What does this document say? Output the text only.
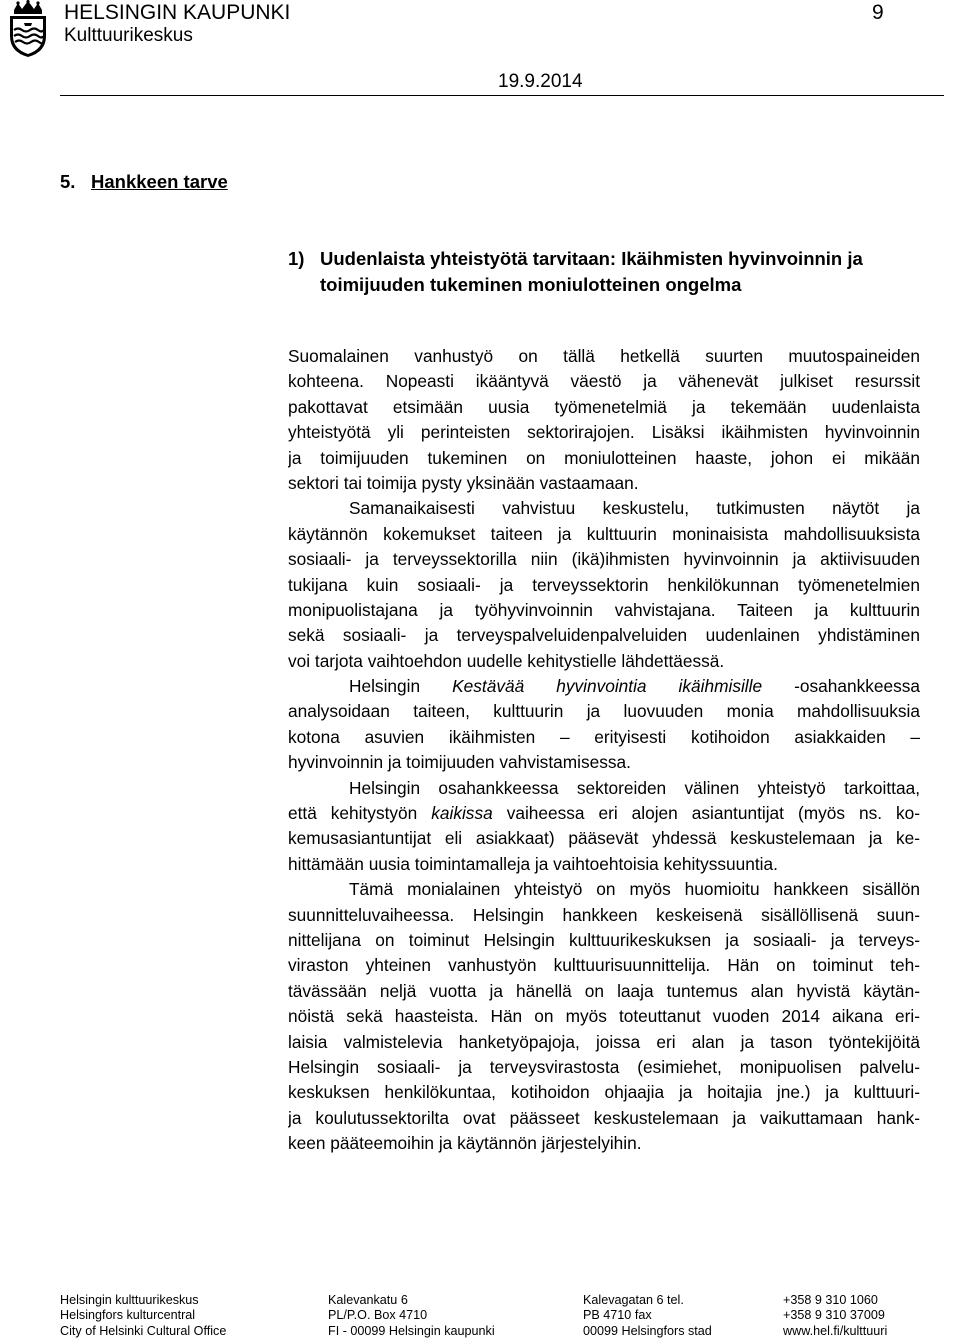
HELSINGIN KAUPUNKI
Kulttuurikeskus
9
19.9.2014
5. Hankkeen tarve
1) Uudenlaista yhteistyötä tarvitaan: Ikäihmisten hyvinvoinnin ja
toimijuuden tukeminen moniulotteinen ongelma
Suomalainen vanhustyö on tällä hetkellä suurten muutospaineiden
kohteena. Nopeasti ikääntyvä väestö ja vähenevät julkiset resurssit
pakottavat etsimään uusia työmenetelmiä ja tekemään uudenlaista
yhteistyötä yli perinteisten sektorirajojen. Lisäksi ikäihmisten hyvinvoinnin
ja toimijuuden tukeminen on moniulotteinen haaste, johon ei mikään
sektori tai toimija pysty yksinään vastaamaan.
Samanaikaisesti vahvistuu keskustelu, tutkimusten näytöt ja
käytännön kokemukset taiteen ja kulttuurin moninaisista mahdollisuuksista
sosiaali- ja terveyssektorilla niin (ikä)ihmisten hyvinvoinnin ja aktiivisuuden
tukijana kuin sosiaali- ja terveyssektorin henkilökunnan työmenetelmien
monipuolistajana ja työhyvinvoinnin vahvistajana. Taiteen ja kulttuurin
sekä sosiaali- ja terveyspalveluidenpalveluiden uudenlainen yhdistäminen
voi tarjota vaihtoehdon uudelle kehitystielle lähdettäessä.
Helsingin Kestävää hyvinvointia ikäihmisille -osahankkeessa
analysoidaan taiteen, kulttuurin ja luovuuden monia mahdollisuuksia
kotona asuvien ikäihmisten – erityisesti kotihoidon asiakkaiden –
hyvinvoinnin ja toimijuuden vahvistamisessa.
Helsingin osahankkeessa sektoreiden välinen yhteistyö tarkoittaa,
että kehitystyön kaikissa vaiheessa eri alojen asiantuntijat (myös ns. ko-
kemusasiantuntijat eli asiakkaat) pääsevät yhdessä keskustelemaan ja ke-
hittämään uusia toimintamalleja ja vaihtoehtoisia kehityssuuntia.
Tämä monialainen yhteistyö on myös huomioitu hankkeen sisällön
suunnitteluvaiheessa. Helsingin hankkeen keskeisenä sisällöllisenä suun-
nittelijana on toiminut Helsingin kulttuurikeskuksen ja sosiaali- ja terveys-
viraston yhteinen vanhustyön kulttuurisuunnittelija. Hän on toiminut teh-
tävässään neljä vuotta ja hänellä on laaja tuntemus alan hyvistä käytän-
nöistä sekä haasteista. Hän on myös toteuttanut vuoden 2014 aikana eri-
laisia valmistelevia hanketyöpajoja, joissa eri alan ja tason työntekijöitä
Helsingin sosiaali- ja terveysvirastosta (esimiehet, monipuolisen palvelu-
keskuksen henkilökuntaa, kotihoidon ohjaajia ja hoitajia jne.) ja kulttuuri-
ja koulutussektorilta ovat päässeet keskustelemaan ja vaikuttamaan hank-
keen pääteemoihin ja käytännön järjestelyihin.
Helsingin kulttuurikeskus
Helsingfors kulturcentral
City of Helsinki Cultural Office
Kalevankatu 6
PL/P.O. Box 4710
FI - 00099 Helsingin kaupunki
Kalevagatan 6 tel.
PB 4710 fax
00099 Helsingfors stad
+358 9 310 1060
+358 9 310 37009
www.hel.fi/kulttuuri
